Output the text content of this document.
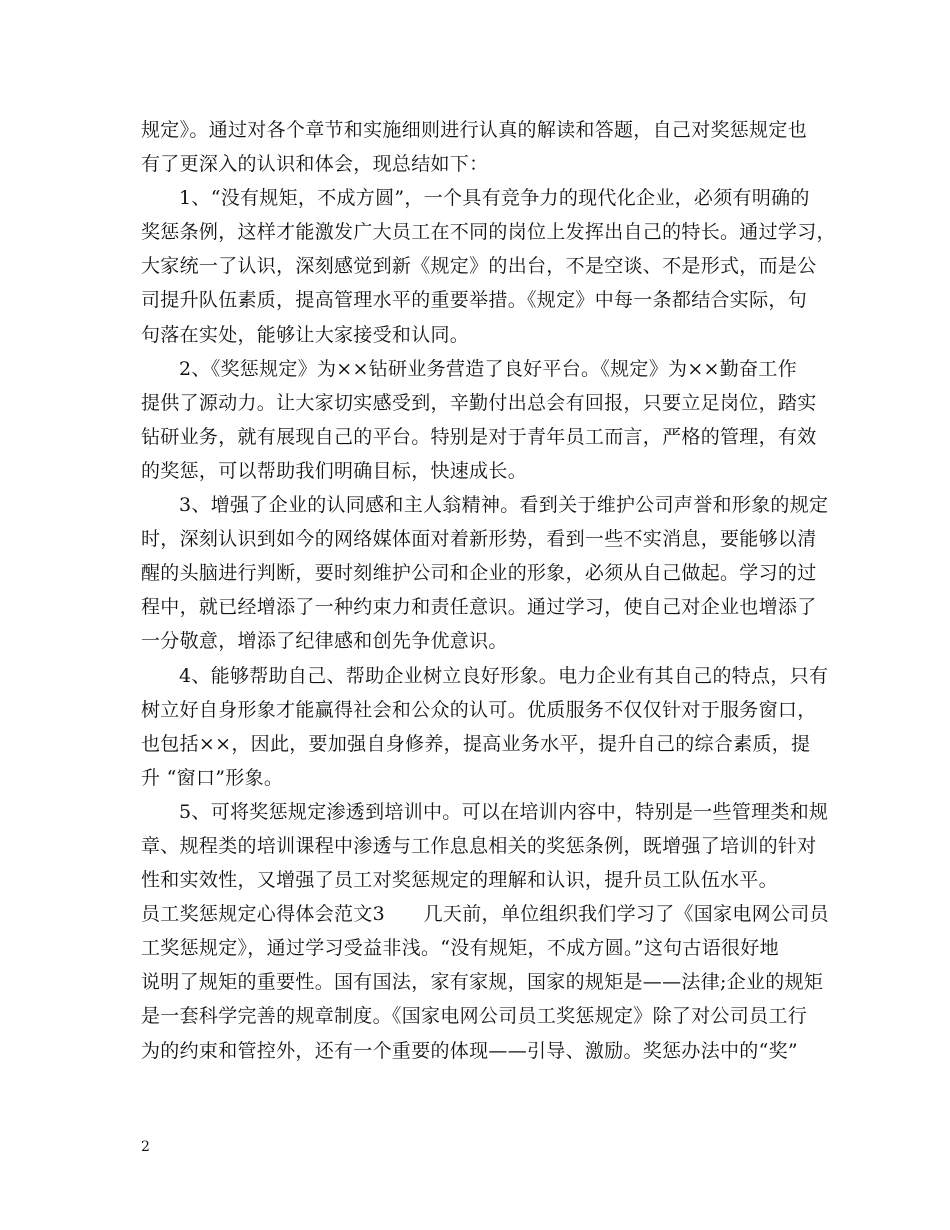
规定》。通过对各个章节和实施细则进行认真的解读和答题，自己对奖惩规定也
有了更深入的认识和体会，现总结如下：
1、“没有规矩，不成方圆”，一个具有竞争力的现代化企业，必须有明确的
奖惩条例，这样才能激发广大员工在不同的岗位上发挥出自己的特长。通过学习，
大家统一了认识，深刻感觉到新《规定》的出台，不是空谈、不是形式，而是公
司提升队伍素质，提高管理水平的重要举措。《规定》中每一条都结合实际，句
句落在实处，能够让大家接受和认同。
2、《奖惩规定》为××钻研业务营造了良好平台。《规定》为××勤奋工作
提供了源动力。让大家切实感受到，辛勤付出总会有回报，只要立足岗位，踏实
钻研业务，就有展现自己的平台。特别是对于青年员工而言，严格的管理，有效
的奖惩，可以帮助我们明确目标，快速成长。
3、增强了企业的认同感和主人翁精神。看到关于维护公司声誉和形象的规定
时，深刻认识到如今的网络媒体面对着新形势，看到一些不实消息，要能够以清
醒的头脑进行判断，要时刻维护公司和企业的形象，必须从自己做起。学习的过
程中，就已经增添了一种约束力和责任意识。通过学习，使自己对企业也增添了
一分敬意，增添了纪律感和创先争优意识。
4、能够帮助自己、帮助企业树立良好形象。电力企业有其自己的特点，只有
树立好自身形象才能赢得社会和公众的认可。优质服务不仅仅针对于服务窗口，
也包括××，因此，要加强自身修养，提高业务水平，提升自己的综合素质，提
升 “窗口”形象。
5、可将奖惩规定渗透到培训中。可以在培训内容中，特别是一些管理类和规
章、规程类的培训课程中渗透与工作息息相关的奖惩条例，既增强了培训的针对
性和实效性，又增强了员工对奖惩规定的理解和认识，提升员工队伍水平。
员工奖惩规定心得体会范文3　　几天前，单位组织我们学习了《国家电网公司员
工奖惩规定》，通过学习受益非浅。“没有规矩，不成方圆。”这句古语很好地
说明了规矩的重要性。国有国法，家有家规，国家的规矩是——法律;企业的规矩
是一套科学完善的规章制度。《国家电网公司员工奖惩规定》除了对公司员工行
为的约束和管控外，还有一个重要的体现——引导、激励。奖惩办法中的“奖”
2
